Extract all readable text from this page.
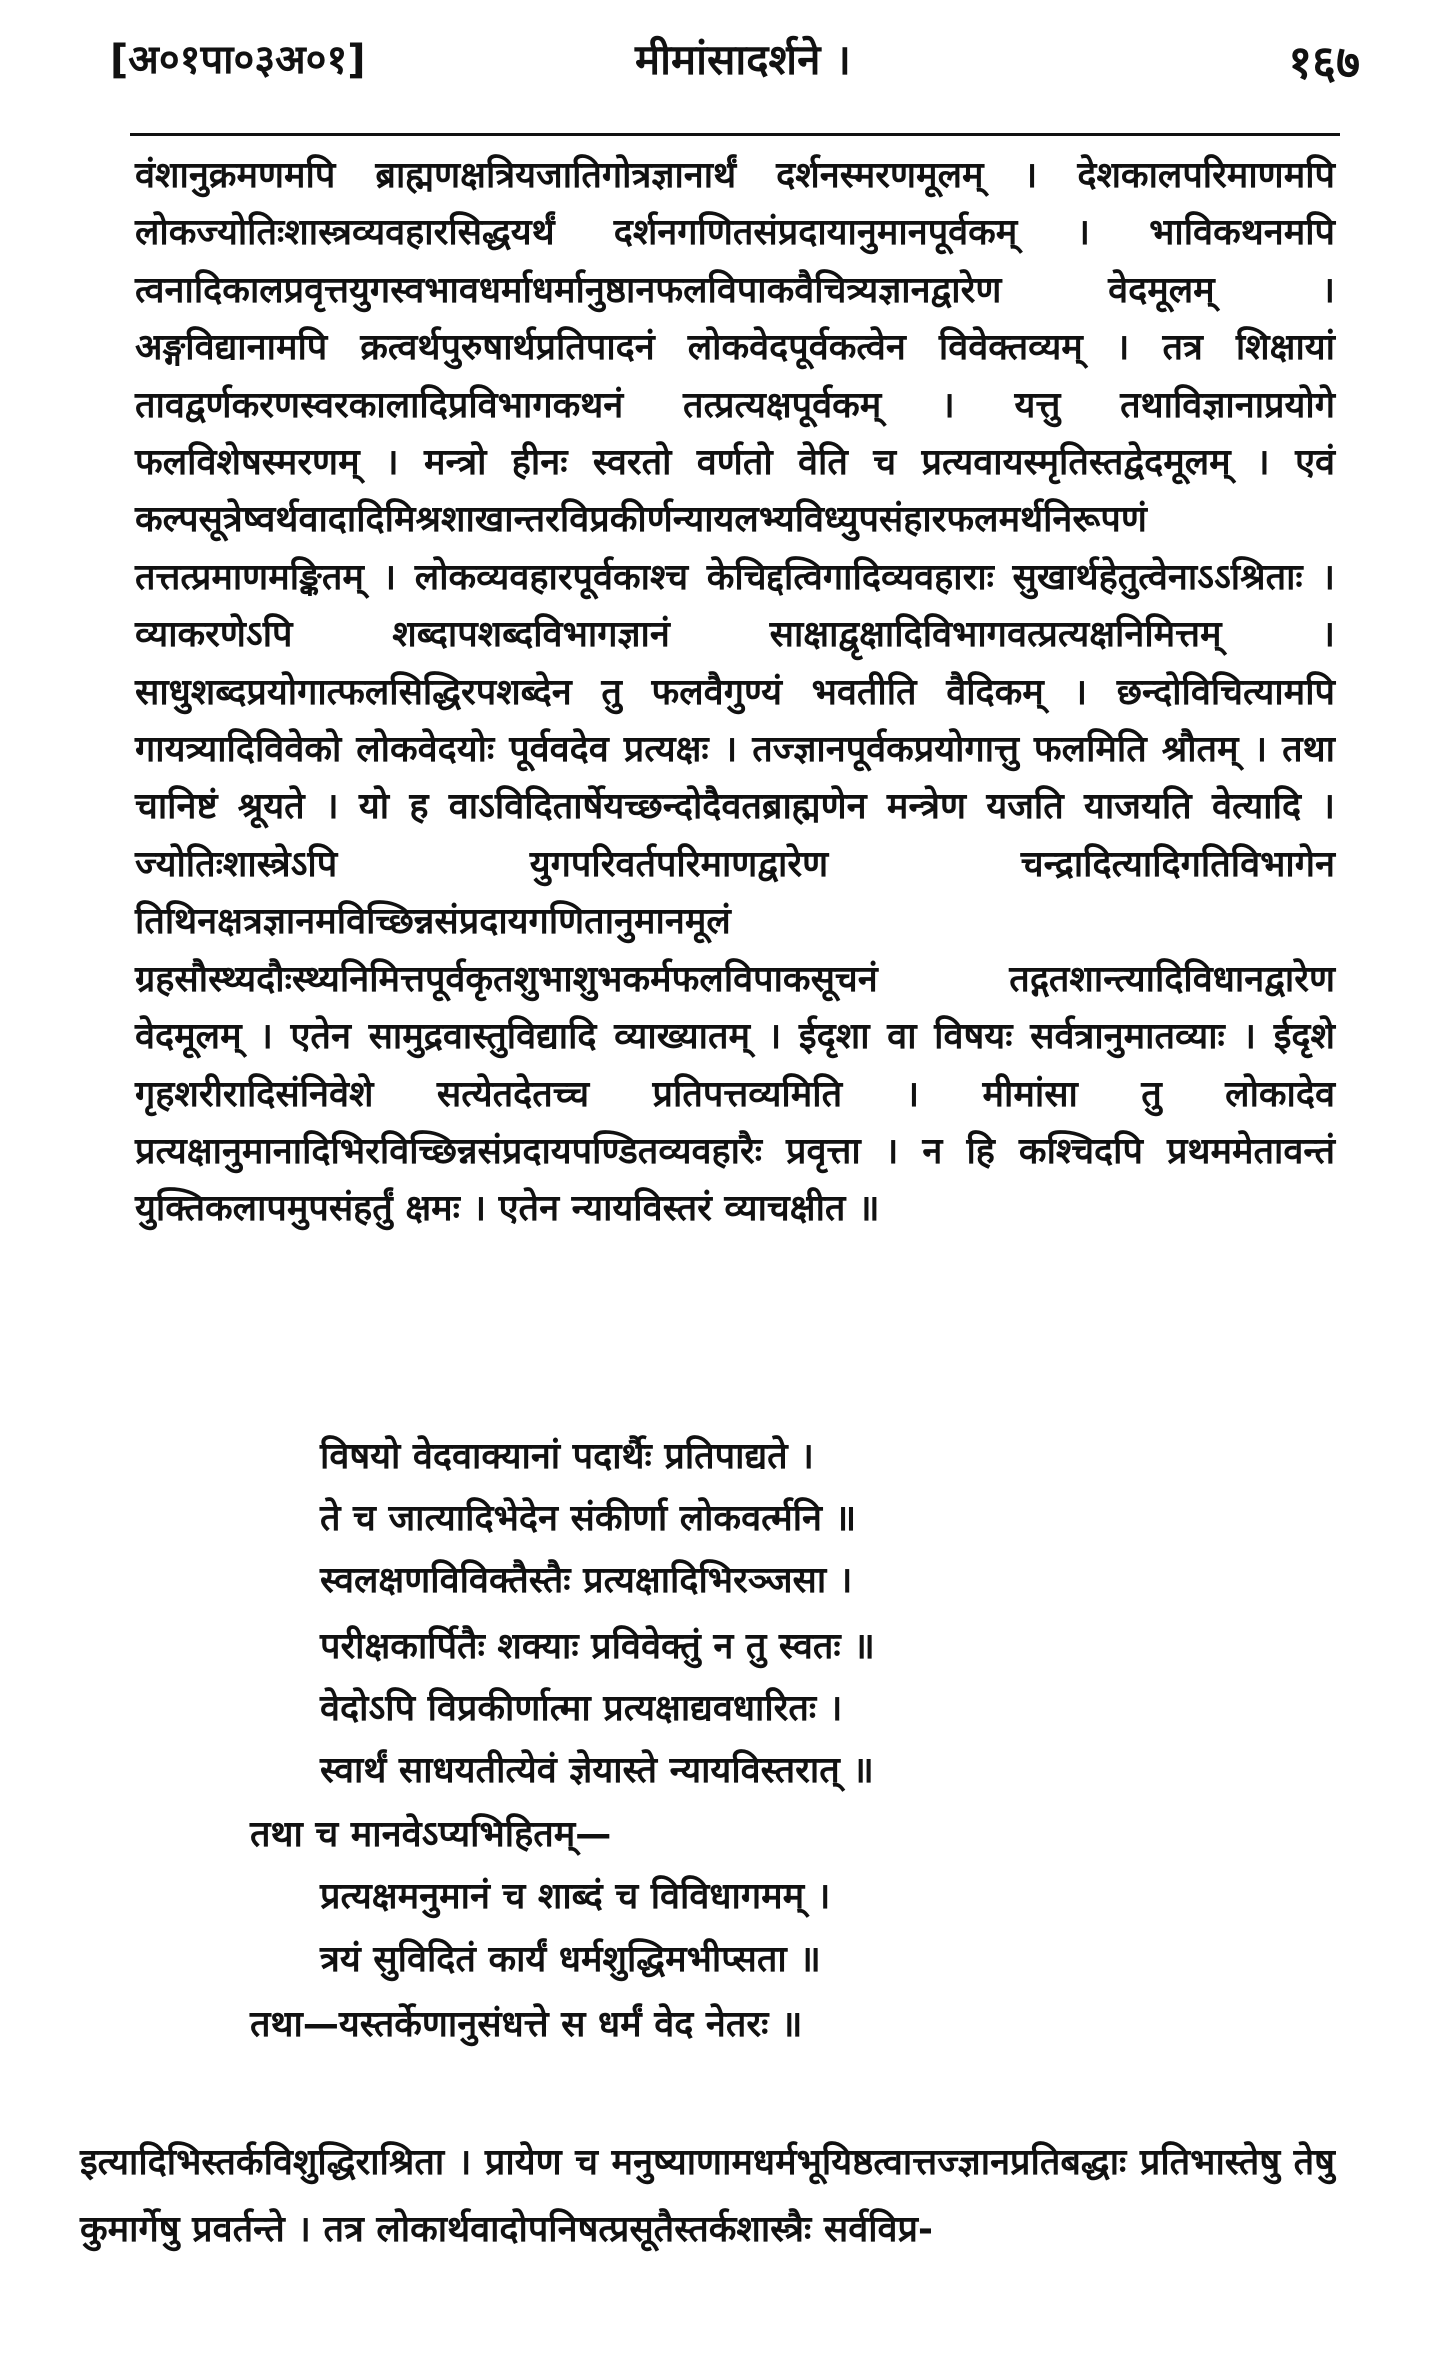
[अ०१पा०३अ०१]	मीमांसादर्शने ।	१६७
वंशानुक्रमणमपि ब्राह्मणक्षत्रियजातिगोत्रज्ञानार्थं दर्शनस्मरणमूलम् । देशकालपरिमाणमपि लोकज्योतिःशास्त्रव्यवहारसिद्धयर्थं दर्शनगणितसंप्रदायानुमानपूर्वकम् । भाविकथनमपि त्वनादिकालप्रवृत्तयुगस्वभावधर्माधर्मानुष्ठानफलविपाकवैचित्र्यज्ञानद्वारेण वेदमूलम् । अङ्गविद्यानामपि क्रत्वर्थपुरुषार्थप्रतिपादनं लोकवेदपूर्वकत्वेन विवेक्तव्यम् । तत्र शिक्षायां तावद्वर्णकरणस्वरकालादिप्रविभागकथनं तत्प्रत्यक्षपूर्वकम् । यत्तु तथाविज्ञानाप्रयोगे फलविशेषस्मरणम् । मन्त्रो हीनः स्वरतो वर्णतो वेति च प्रत्यवायस्मृतिस्तद्वेदमूलम् । एवं कल्पसूत्रेष्वर्थवादादिमिश्रशाखान्तरविप्रकीर्णन्यायलभ्यविध्युपसंहारफलमर्थनिरूपणं तत्तत्प्रमाणमङ्कितम् । लोकव्यवहारपूर्वकाश्च केचिद्दत्विगादिव्यवहाराः सुखार्थहेतुत्वेनाऽऽश्रिताः । व्याकरणेऽपि शब्दापशब्दविभागज्ञानं साक्षाद्वृक्षादिविभागवत्प्रत्यक्षनिमित्तम् । साधुशब्दप्रयोगात्फलसिद्धिरपशब्देन तु फलवैगुण्यं भवतीति वैदिकम् । छन्दोविचित्यामपि गायत्र्यादिविवेको लोकवेदयोः पूर्ववदेव प्रत्यक्षः । तज्ज्ञानपूर्वकप्रयोगात्तु फलमिति श्रौतम् । तथा चानिष्टं श्रूयते । यो ह वाऽविदितार्षेयच्छन्दोदैवतब्राह्मणेन मन्त्रेण यजति याजयति वेत्यादि । ज्योतिःशास्त्रेऽपि युगपरिवर्तपरिमाणद्वारेण चन्द्रादित्यादिगतिविभागेन तिथिनक्षत्रज्ञानमविच्छिन्नसंप्रदायगणितानुमानमूलं ग्रहसौस्थ्यदौःस्थ्यनिमित्तपूर्वकृतशुभाशुभकर्मफलविपाकसूचनं तद्गतशान्त्यादिविधानद्वारेण वेदमूलम् । एतेन सामुद्रवास्तुविद्यादि व्याख्यातम् । ईदृशा वा विषयः सर्वत्रानुमातव्याः । ईदृशे गृहशरीरादिसंनिवेशे सत्येतदेतच्च प्रतिपत्तव्यमिति । मीमांसा तु लोकादेव प्रत्यक्षानुमानादिभिरविच्छिन्नसंप्रदायपण्डितव्यवहारैः प्रवृत्ता । न हि कश्चिदपि प्रथममेतावन्तं युक्तिकलापमुपसंहर्तुं क्षमः । एतेन न्यायविस्तरं व्याचक्षीत ॥
विषयो वेदवाक्यानां पदार्थैः प्रतिपाद्यते ।
ते च जात्यादिभेदेन संकीर्णा लोकवर्त्मनि ॥
स्वलक्षणविविक्तैस्तैः प्रत्यक्षादिभिरञ्जसा ।
परीक्षकार्पितैः शक्याः प्रविवेक्तुं न तु स्वतः ॥
वेदोऽपि विप्रकीर्णात्मा प्रत्यक्षाद्यवधारितः ।
स्वार्थं साधयतीत्येवं ज्ञेयास्ते न्यायविस्तरात् ॥
तथा च मानवेऽप्यभिहितम्—
प्रत्यक्षमनुमानं च शाब्दं च विविधागमम् ।
त्रयं सुविदितं कार्यं धर्मशुद्धिमभीप्सता ॥
तथा—यस्तर्केणानुसंधत्ते स धर्मं वेद नेतरः ॥
इत्यादिभिस्तर्कविशुद्धिराश्रिता । प्रायेण च मनुष्याणामधर्मभूयिष्ठत्वात्तज्ज्ञानप्रतिबद्धाः प्रतिभास्तेषु तेषु कुमार्गेषु प्रवर्तन्ते । तत्र लोकार्थवादोपनिषत्प्रसूतैस्तर्कशास्त्रैः सर्वविप्र-
